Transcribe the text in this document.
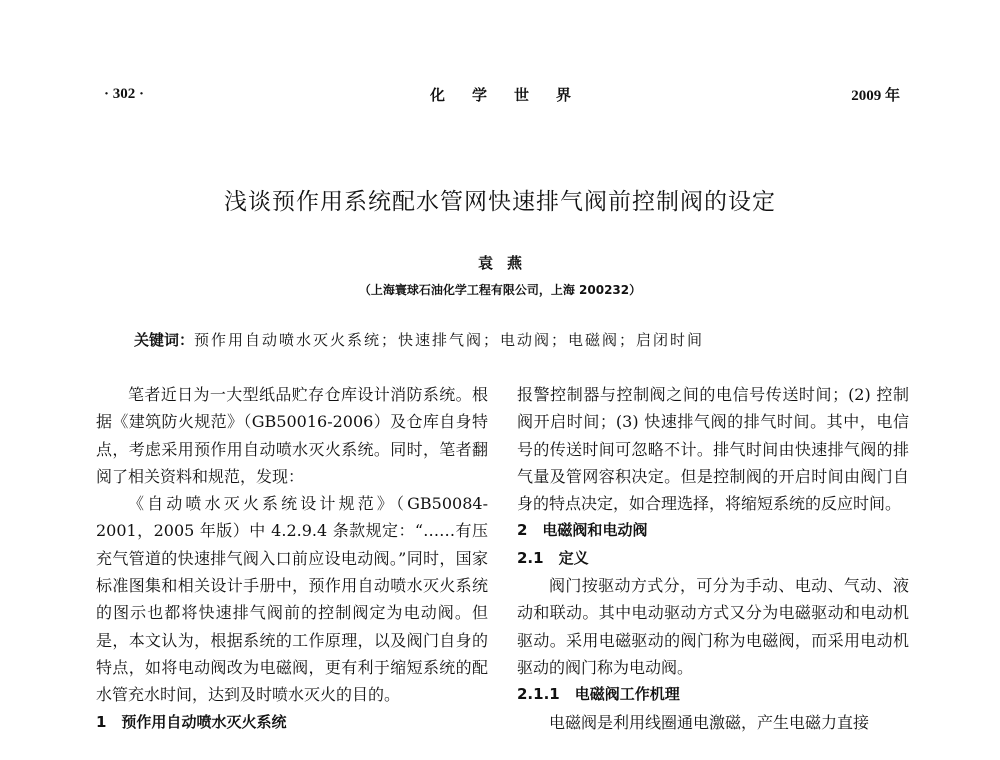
· 302 ·	化学世界	2009 年
浅谈预作用系统配水管网快速排气阀前控制阀的设定
袁燕
（上海寰球石油化学工程有限公司，上海 200232）
关键词：预作用自动喷水灭火系统；快速排气阀；电动阀；电磁阀；启闭时间

笔者近日为一大型纸品贮存仓库设计消防系统。根据《建筑防火规范》（GB50016-2006）及仓库自身特点，考虑采用预作用自动喷水灭火系统。同时，笔者翻阅了相关资料和规范，发现：

《自动喷水灭火系统设计规范》（GB50084-2001，2005 年版）中 4.2.9.4 条款规定：“……有压充气管道的快速排气阀入口前应设电动阀。”同时，国家标准图集和相关设计手册中，预作用自动喷水灭火系统的图示也都将快速排气阀前的控制阀定为电动阀。但是，本文认为，根据系统的工作原理，以及阀门自身的特点，如将电动阀改为电磁阀，更有利于缩短系统的配水管充水时间，达到及时喷水灭火的目的。

1　预作用自动喷水灭火系统

报警控制器与控制阀之间的电信号传送时间；(2) 控制阀开启时间；(3) 快速排气阀的排气时间。其中，电信号的传送时间可忽略不计。排气时间由快速排气阀的排气量及管网容积决定。但是控制阀的开启时间由阀门自身的特点决定，如合理选择，将缩短系统的反应时间。

2　电磁阀和电动阀

2.1　定义

阀门按驱动方式分，可分为手动、电动、气动、液动和联动。其中电动驱动方式又分为电磁驱动和电动机驱动。采用电磁驱动的阀门称为电磁阀，而采用电动机驱动的阀门称为电动阀。

2.1.1　电磁阀工作机理

电磁阀是利用线圈通电激磁，产生电磁力直接
